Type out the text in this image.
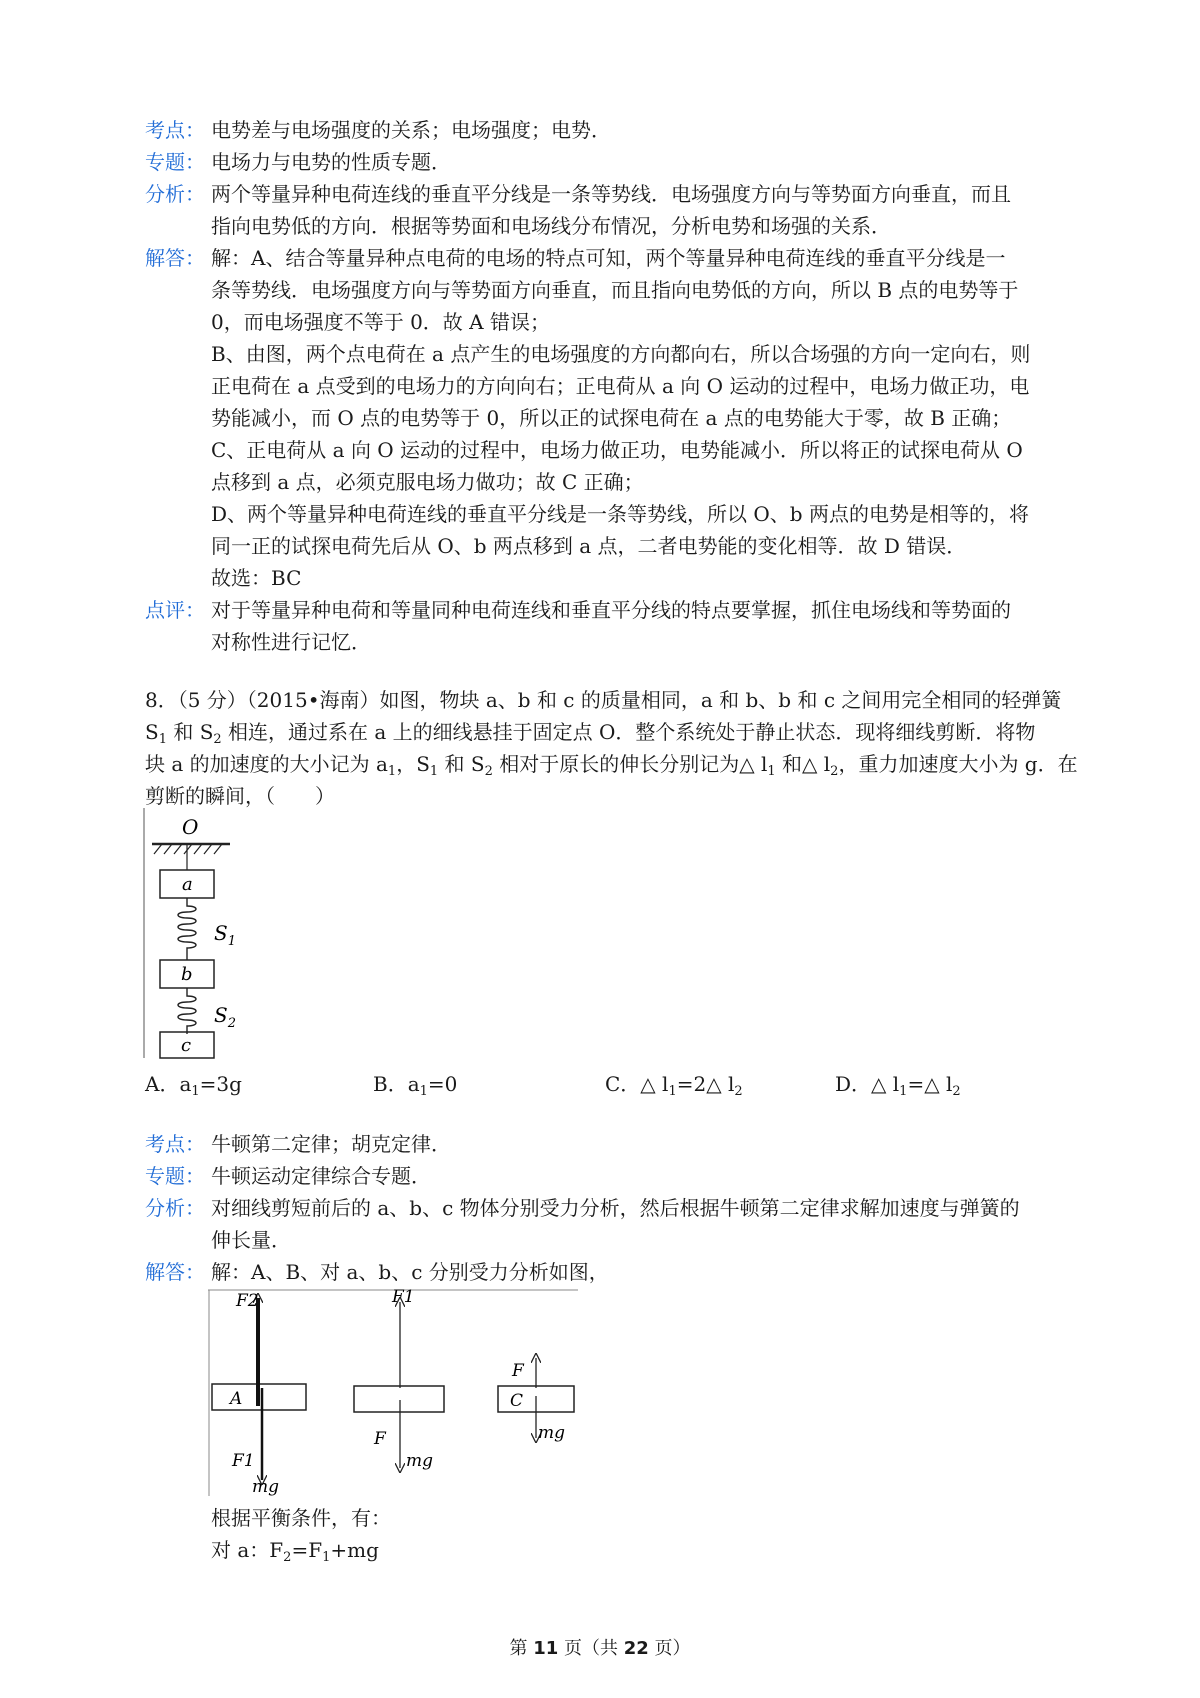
考点： 电势差与电场强度的关系；电场强度；电势．
专题： 电场力与电势的性质专题．
分析： 两个等量异种电荷连线的垂直平分线是一条等势线．电场强度方向与等势面方向垂直，而且
指向电势低的方向．根据等势面和电场线分布情况，分析电势和场强的关系．
解答： 解：A、结合等量异种点电荷的电场的特点可知，两个等量异种电荷连线的垂直平分线是一
条等势线．电场强度方向与等势面方向垂直，而且指向电势低的方向，所以 B 点的电势等于
0，而电场强度不等于 0．故 A 错误；
B、由图，两个点电荷在 a 点产生的电场强度的方向都向右，所以合场强的方向一定向右，则
正电荷在 a 点受到的电场力的方向向右；正电荷从 a 向 O 运动的过程中，电场力做正功，电
势能减小，而 O 点的电势等于 0，所以正的试探电荷在 a 点的电势能大于零，故 B 正确；
C、正电荷从 a 向 O 运动的过程中，电场力做正功，电势能减小．所以将正的试探电荷从 O
点移到 a 点，必须克服电场力做功；故 C 正确；
D、两个等量异种电荷连线的垂直平分线是一条等势线，所以 O、b 两点的电势是相等的，将
同一正的试探电荷先后从 O、b 两点移到 a 点，二者电势能的变化相等．故 D 错误．
故选：BC
点评： 对于等量异种电荷和等量同种电荷连线和垂直平分线的特点要掌握，抓住电场线和等势面的
对称性进行记忆．
8．（5 分）（2015•海南）如图，物块 a、b 和 c 的质量相同，a 和 b、b 和 c 之间用完全相同的轻弹簧
$S_1$ 和 $S_2$ 相连，通过系在 a 上的细线悬挂于固定点 O．整个系统处于静止状态．现将细线剪断．将物
块 a 的加速度的大小记为 $a_1$，$S_1$ 和 $S_2$ 相对于原长的伸长分别记为△ $l_1$ 和△ $l_2$，重力加速度大小为 g．在
剪断的瞬间，（　　）
O
a
$S_1$
b
$S_2$
c
A．$a_1=3g$	B．$a_1=0$	C．△ $l_1=2\triangle$ $l_2$	D．△ $l_1=\triangle$ $l_2$
考点： 牛顿第二定律；胡克定律．
专题： 牛顿运动定律综合专题．
分析： 对细线剪短前后的 a、b、c 物体分别受力分析，然后根据牛顿第二定律求解加速度与弹簧的
伸长量．
解答： 解：A、B、对 a、b、c 分别受力分析如图，
F2
A
F1
mg
F1
F
mg
F
C
mg
根据平衡条件，有：
对 a：$F_2=F_1+mg$
第 11 页（共 22 页）
